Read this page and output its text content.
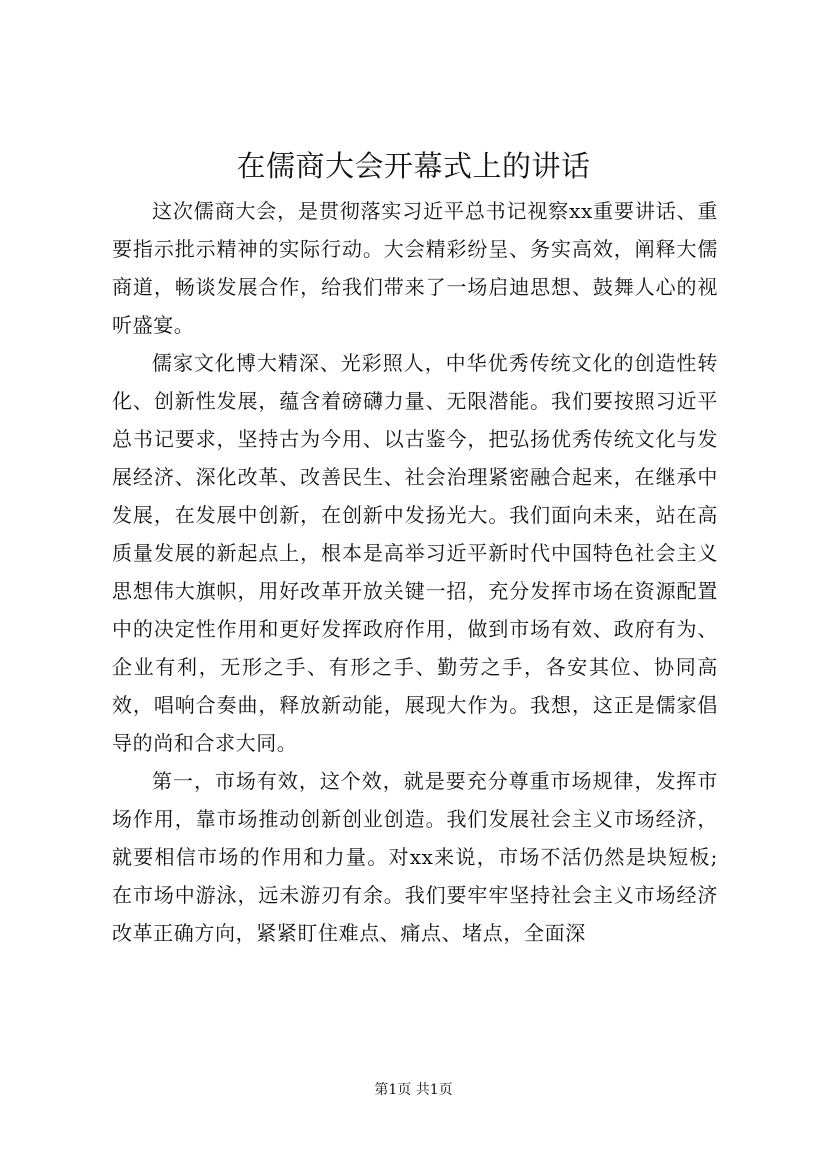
在儒商大会开幕式上的讲话

这次儒商大会，是贯彻落实习近平总书记视察xx重要讲话、重要指示批示精神的实际行动。大会精彩纷呈、务实高效，阐释大儒商道，畅谈发展合作，给我们带来了一场启迪思想、鼓舞人心的视听盛宴。

儒家文化博大精深、光彩照人，中华优秀传统文化的创造性转化、创新性发展，蕴含着磅礴力量、无限潜能。我们要按照习近平总书记要求，坚持古为今用、以古鉴今，把弘扬优秀传统文化与发展经济、深化改革、改善民生、社会治理紧密融合起来，在继承中发展，在发展中创新，在创新中发扬光大。我们面向未来，站在高质量发展的新起点上，根本是高举习近平新时代中国特色社会主义思想伟大旗帜，用好改革开放关键一招，充分发挥市场在资源配置中的决定性作用和更好发挥政府作用，做到市场有效、政府有为、企业有利，无形之手、有形之手、勤劳之手，各安其位、协同高效，唱响合奏曲，释放新动能，展现大作为。我想，这正是儒家倡导的尚和合求大同。

第一，市场有效，这个效，就是要充分尊重市场规律，发挥市场作用，靠市场推动创新创业创造。我们发展社会主义市场经济，就要相信市场的作用和力量。对xx来说，市场不活仍然是块短板;在市场中游泳，远未游刃有余。我们要牢牢坚持社会主义市场经济改革正确方向，紧紧盯住难点、痛点、堵点，全面深

第1页 共1页
